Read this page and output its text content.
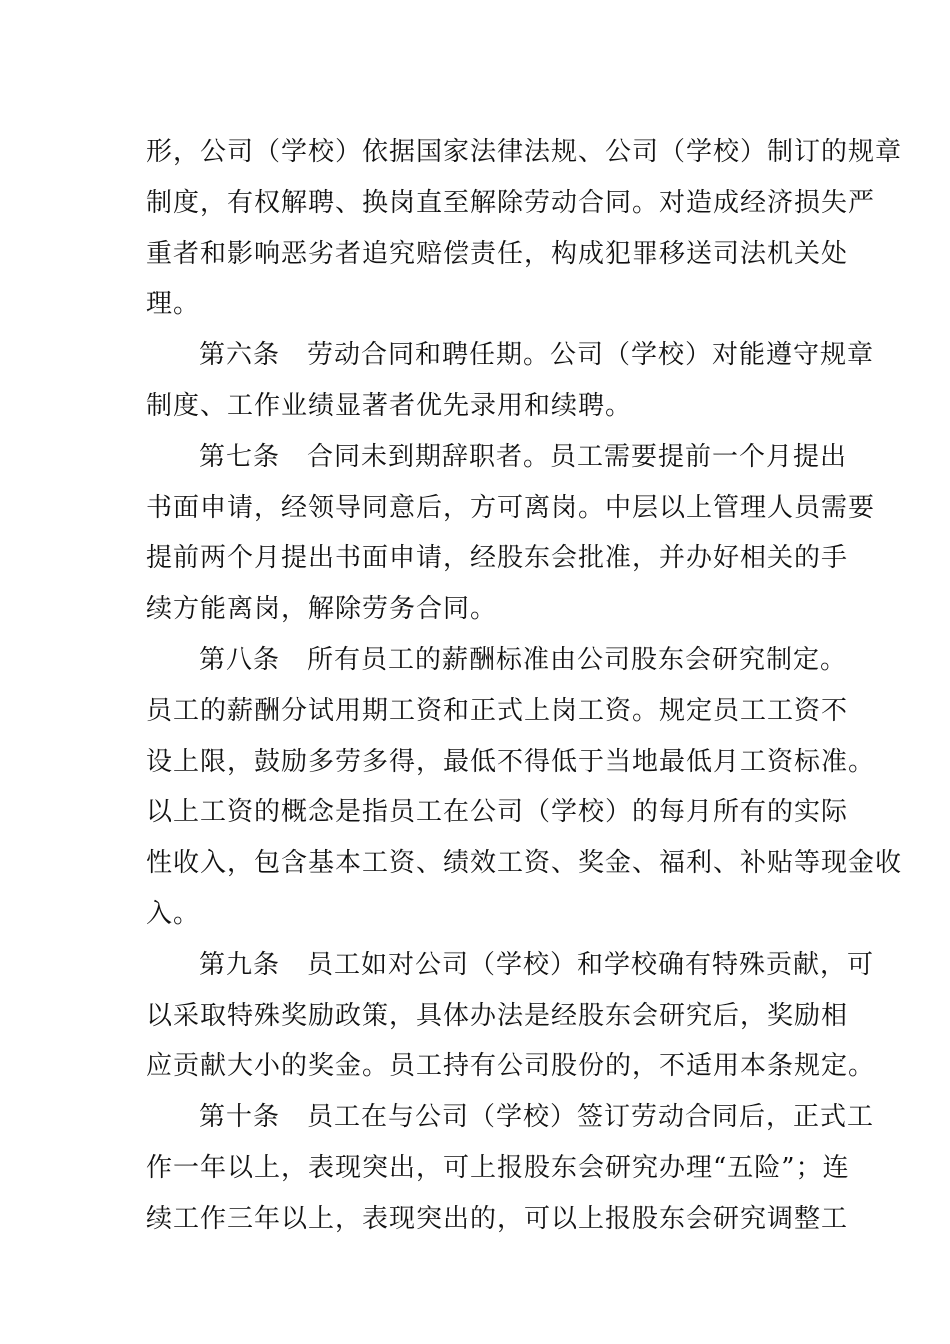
形，公司（学校）依据国家法律法规、公司（学校）制订的规章
制度，有权解聘、换岗直至解除劳动合同。对造成经济损失严
重者和影响恶劣者追究赔偿责任，构成犯罪移送司法机关处
理。
第六条　劳动合同和聘任期。公司（学校）对能遵守规章
制度、工作业绩显著者优先录用和续聘。
第七条　合同未到期辞职者。员工需要提前一个月提出
书面申请，经领导同意后，方可离岗。中层以上管理人员需要
提前两个月提出书面申请，经股东会批准，并办好相关的手
续方能离岗，解除劳务合同。
第八条　所有员工的薪酬标准由公司股东会研究制定。
员工的薪酬分试用期工资和正式上岗工资。规定员工工资不
设上限，鼓励多劳多得，最低不得低于当地最低月工资标准。
以上工资的概念是指员工在公司（学校）的每月所有的实际
性收入，包含基本工资、绩效工资、奖金、福利、补贴等现金收
入。
第九条　员工如对公司（学校）和学校确有特殊贡献，可
以采取特殊奖励政策，具体办法是经股东会研究后，奖励相
应贡献大小的奖金。员工持有公司股份的，不适用本条规定。
第十条　员工在与公司（学校）签订劳动合同后，正式工
作一年以上，表现突出，可上报股东会研究办理“五险”；连
续工作三年以上，表现突出的，可以上报股东会研究调整工
